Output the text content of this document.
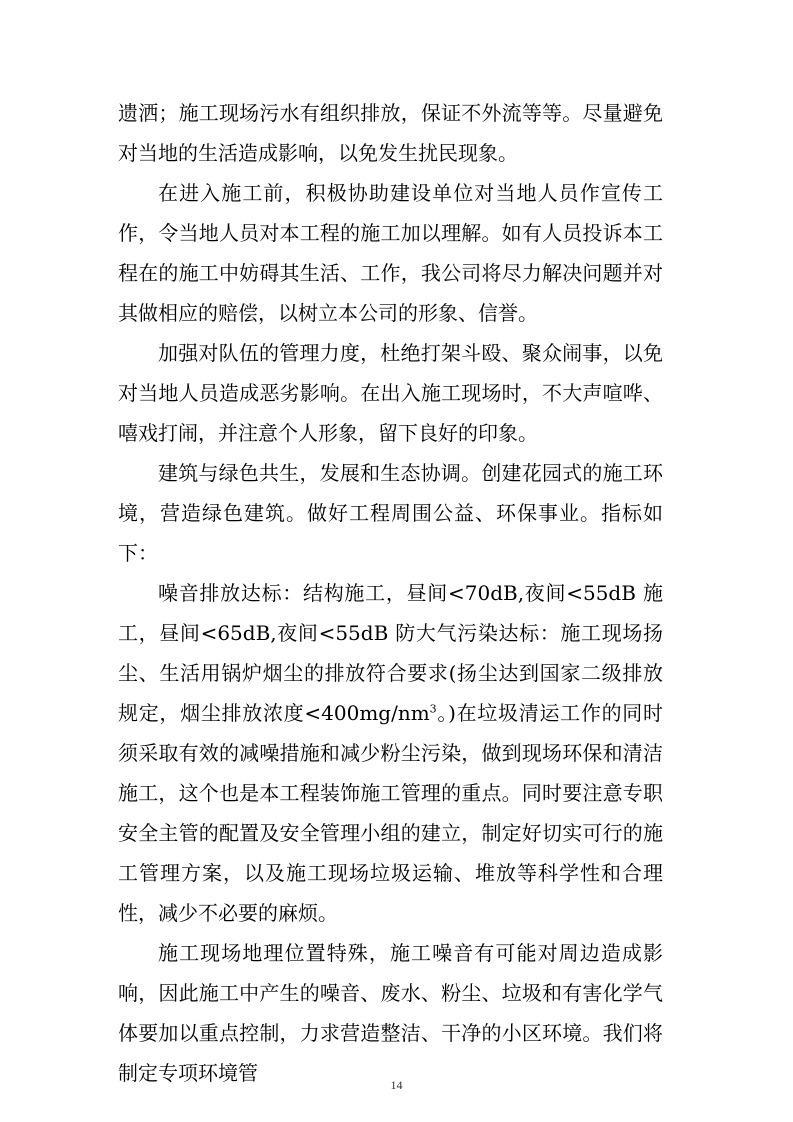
遗洒；施工现场污水有组织排放，保证不外流等等。尽量避免对当地的生活造成影响，以免发生扰民现象。

在进入施工前，积极协助建设单位对当地人员作宣传工作，令当地人员对本工程的施工加以理解。如有人员投诉本工程在的施工中妨碍其生活、工作，我公司将尽力解决问题并对其做相应的赔偿，以树立本公司的形象、信誉。

加强对队伍的管理力度，杜绝打架斗殴、聚众闹事，以免对当地人员造成恶劣影响。在出入施工现场时，不大声喧哗、嘻戏打闹，并注意个人形象，留下良好的印象。

建筑与绿色共生，发展和生态协调。创建花园式的施工环境，营造绿色建筑。做好工程周围公益、环保事业。指标如下：

噪音排放达标：结构施工，昼间<70dB,夜间<55dB 施工，昼间<65dB,夜间<55dB 防大气污染达标：施工现场扬尘、生活用锅炉烟尘的排放符合要求(扬尘达到国家二级排放规定，烟尘排放浓度$<400mg/nm^3$。)在垃圾清运工作的同时须采取有效的减噪措施和减少粉尘污染，做到现场环保和清洁施工，这个也是本工程装饰施工管理的重点。同时要注意专职安全主管的配置及安全管理小组的建立，制定好切实可行的施工管理方案，以及施工现场垃圾运输、堆放等科学性和合理性，减少不必要的麻烦。

施工现场地理位置特殊，施工噪音有可能对周边造成影响，因此施工中产生的噪音、废水、粉尘、垃圾和有害化学气体要加以重点控制，力求营造整洁、干净的小区环境。我们将制定专项环境管	14
